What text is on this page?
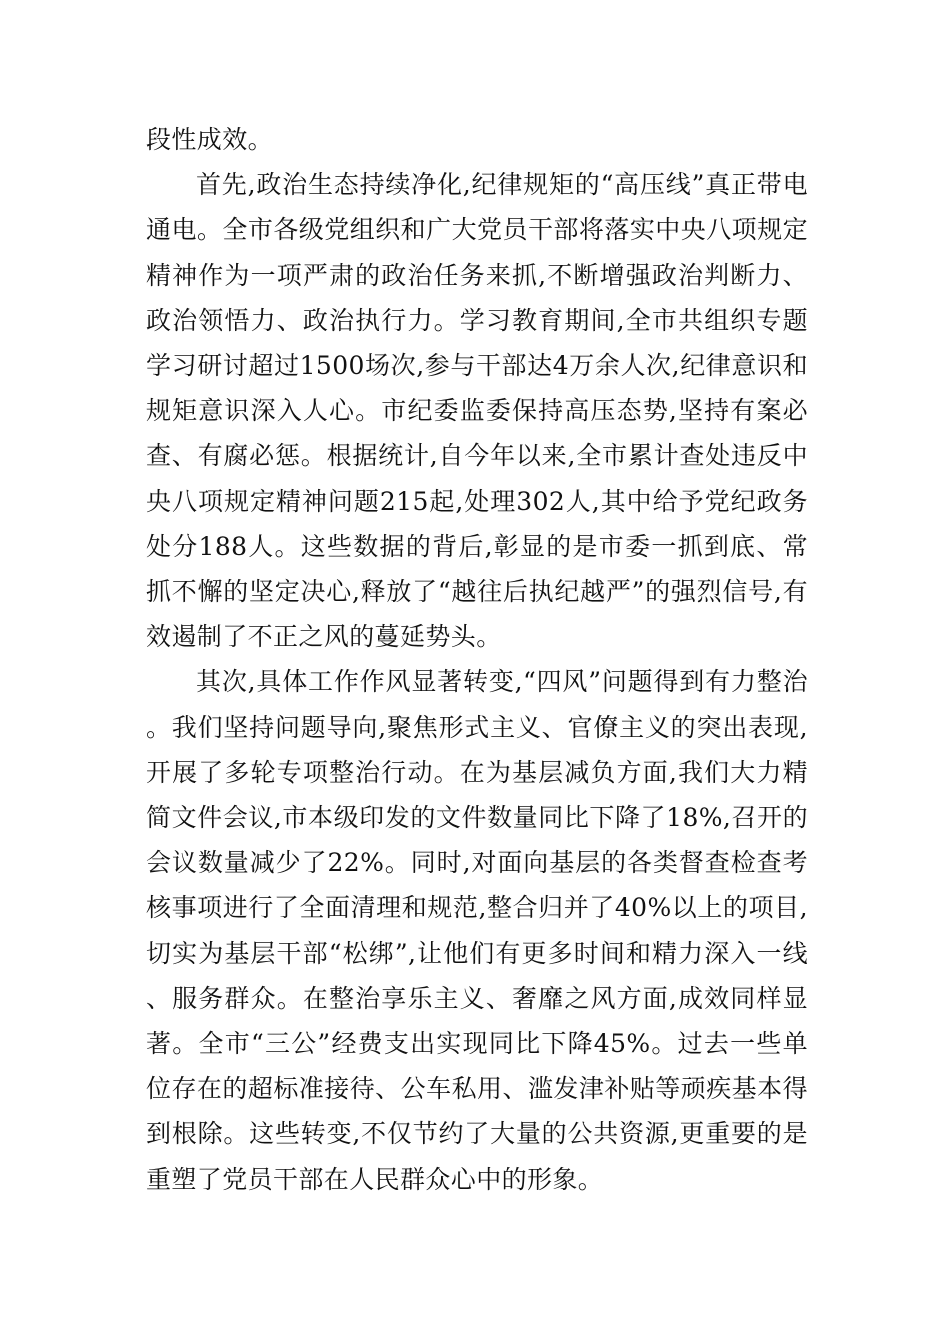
段性成效。

首先,政治生态持续净化,纪律规矩的“高压线”真正带电通电。全市各级党组织和广大党员干部将落实中央八项规定精神作为一项严肃的政治任务来抓,不断增强政治判断力、政治领悟力、政治执行力。学习教育期间,全市共组织专题学习研讨超过1500场次,参与干部达4万余人次,纪律意识和规矩意识深入人心。市纪委监委保持高压态势,坚持有案必查、有腐必惩。根据统计,自今年以来,全市累计查处违反中央八项规定精神问题215起,处理302人,其中给予党纪政务处分188人。这些数据的背后,彰显的是市委一抓到底、常抓不懈的坚定决心,释放了“越往后执纪越严”的强烈信号,有效遏制了不正之风的蔓延势头。

其次,具体工作作风显著转变,“四风”问题得到有力整治。我们坚持问题导向,聚焦形式主义、官僚主义的突出表现,开展了多轮专项整治行动。在为基层减负方面,我们大力精简文件会议,市本级印发的文件数量同比下降了18%,召开的会议数量减少了22%。同时,对面向基层的各类督查检查考核事项进行了全面清理和规范,整合归并了40%以上的项目,切实为基层干部“松绑”,让他们有更多时间和精力深入一线、服务群众。在整治享乐主义、奢靡之风方面,成效同样显著。全市“三公”经费支出实现同比下降45%。过去一些单位存在的超标准接待、公车私用、滥发津补贴等顽疾基本得到根除。这些转变,不仅节约了大量的公共资源,更重要的是重塑了党员干部在人民群众心中的形象。
